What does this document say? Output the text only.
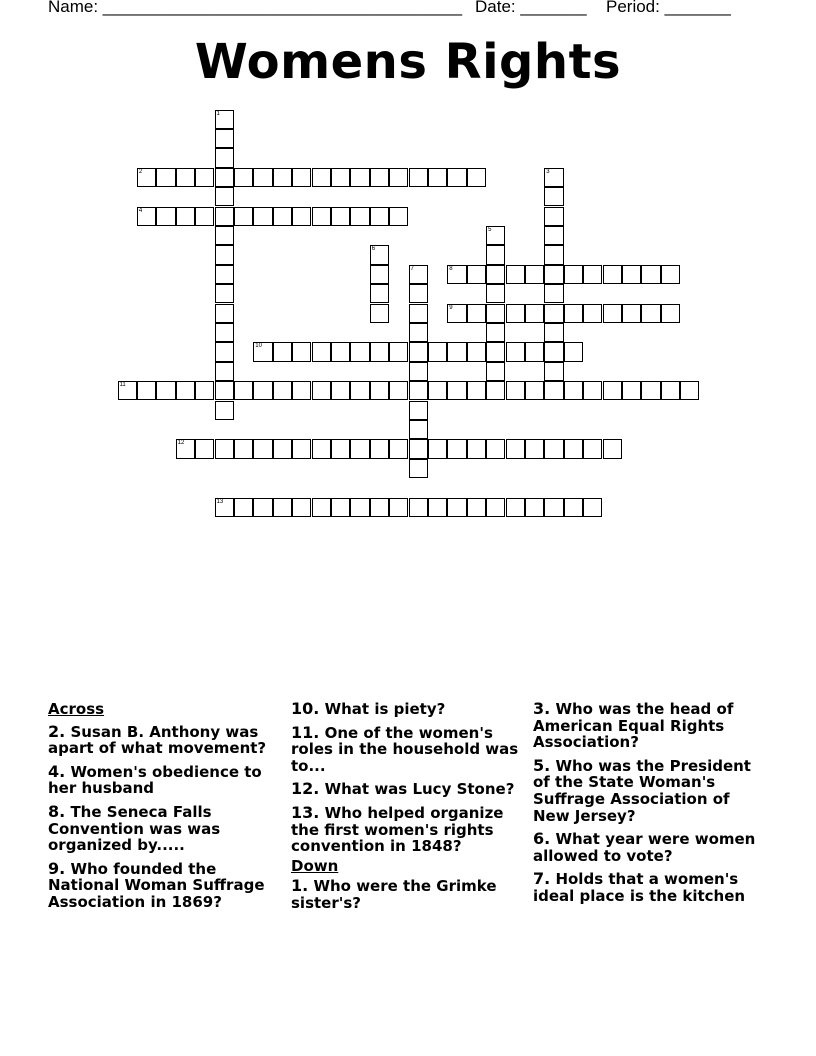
Name: ______________________________________ Date: _______ Period: _______
Womens Rights
1
2	3
4
5
6
7	8
9
10
11
12
13
Across
2. Susan B. Anthony was apart of what movement?
4. Women's obedience to her husband
8. The Seneca Falls Convention was was organized by.....
9. Who founded the National Woman Suffrage Association in 1869?
10. What is piety?
11. One of the women's roles in the household was to...
12. What was Lucy Stone?
13. Who helped organize the first women's rights convention in 1848?
Down
1. Who were the Grimke sister's?
3. Who was the head of American Equal Rights Association?
5. Who was the President of the State Woman's Suffrage Association of New Jersey?
6. What year were women allowed to vote?
7. Holds that a women's ideal place is the kitchen
